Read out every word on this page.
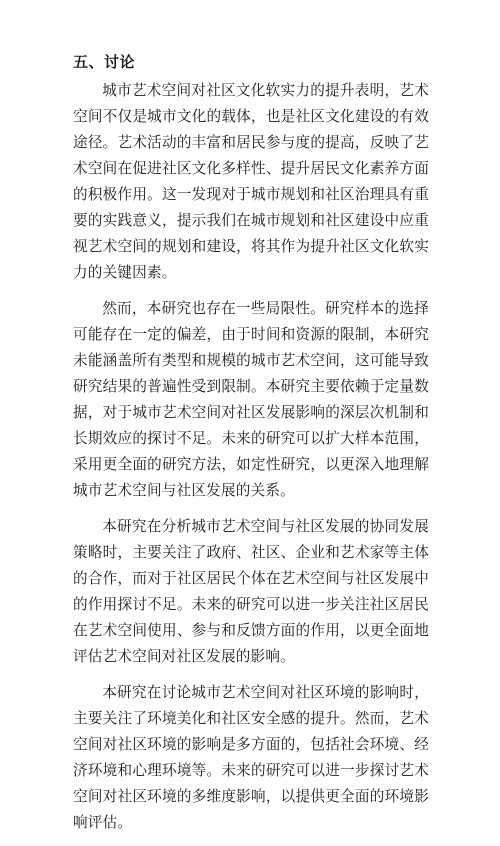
五、讨论

城市艺术空间对社区文化软实力的提升表明，艺术空间不仅是城市文化的载体，也是社区文化建设的有效途径。艺术活动的丰富和居民参与度的提高，反映了艺术空间在促进社区文化多样性、提升居民文化素养方面的积极作用。这一发现对于城市规划和社区治理具有重要的实践意义，提示我们在城市规划和社区建设中应重视艺术空间的规划和建设，将其作为提升社区文化软实力的关键因素。

然而，本研究也存在一些局限性。研究样本的选择可能存在一定的偏差，由于时间和资源的限制，本研究未能涵盖所有类型和规模的城市艺术空间，这可能导致研究结果的普遍性受到限制。本研究主要依赖于定量数据，对于城市艺术空间对社区发展影响的深层次机制和长期效应的探讨不足。未来的研究可以扩大样本范围，采用更全面的研究方法，如定性研究，以更深入地理解城市艺术空间与社区发展的关系。

本研究在分析城市艺术空间与社区发展的协同发展策略时，主要关注了政府、社区、企业和艺术家等主体的合作，而对于社区居民个体在艺术空间与社区发展中的作用探讨不足。未来的研究可以进一步关注社区居民在艺术空间使用、参与和反馈方面的作用，以更全面地评估艺术空间对社区发展的影响。

本研究在讨论城市艺术空间对社区环境的影响时，主要关注了环境美化和社区安全感的提升。然而，艺术空间对社区环境的影响是多方面的，包括社会环境、经济环境和心理环境等。未来的研究可以进一步探讨艺术空间对社区环境的多维度影响，以提供更全面的环境影响评估。
